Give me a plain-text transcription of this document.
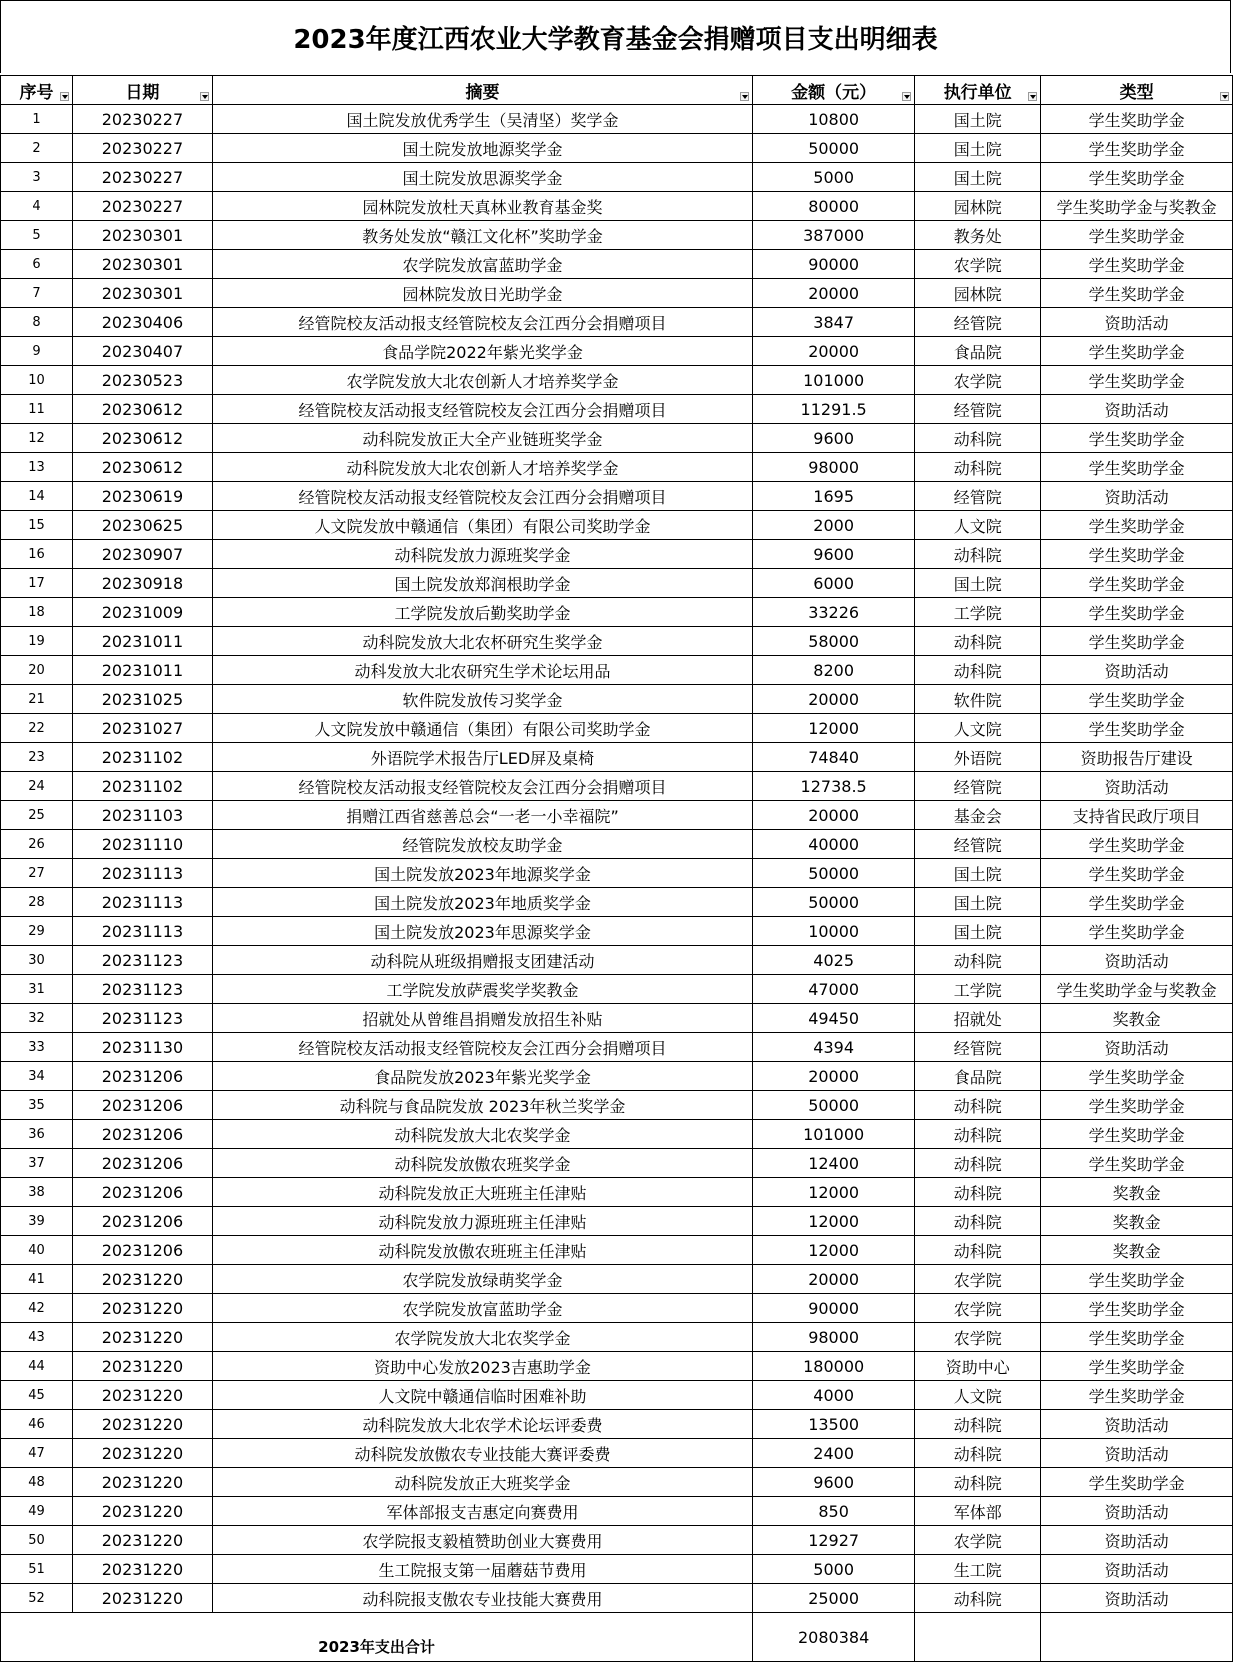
2023年度江西农业大学教育基金会捐赠项目支出明细表
序号	日期	摘要	金额（元）	执行单位	类型

1	20230227	国土院发放优秀学生（吴清坚）奖学金	10800	国土院	学生奖助学金
2	20230227	国土院发放地源奖学金	50000	国土院	学生奖助学金
3	20230227	国土院发放思源奖学金	5000	国土院	学生奖助学金
4	20230227	园林院发放杜天真林业教育基金奖	80000	园林院	学生奖助学金与奖教金
5	20230301	教务处发放“赣江文化杯”奖助学金	387000	教务处	学生奖助学金
6	20230301	农学院发放富蓝助学金	90000	农学院	学生奖助学金
7	20230301	园林院发放日光助学金	20000	园林院	学生奖助学金
8	20230406	经管院校友活动报支经管院校友会江西分会捐赠项目	3847	经管院	资助活动
9	20230407	食品学院2022年紫光奖学金	20000	食品院	学生奖助学金
10	20230523	农学院发放大北农创新人才培养奖学金	101000	农学院	学生奖助学金
11	20230612	经管院校友活动报支经管院校友会江西分会捐赠项目	11291.5	经管院	资助活动
12	20230612	动科院发放正大全产业链班奖学金	9600	动科院	学生奖助学金
13	20230612	动科院发放大北农创新人才培养奖学金	98000	动科院	学生奖助学金
14	20230619	经管院校友活动报支经管院校友会江西分会捐赠项目	1695	经管院	资助活动
15	20230625	人文院发放中赣通信（集团）有限公司奖助学金	2000	人文院	学生奖助学金
16	20230907	动科院发放力源班奖学金	9600	动科院	学生奖助学金
17	20230918	国土院发放郑润根助学金	6000	国土院	学生奖助学金
18	20231009	工学院发放后勤奖助学金	33226	工学院	学生奖助学金
19	20231011	动科院发放大北农杯研究生奖学金	58000	动科院	学生奖助学金
20	20231011	动科发放大北农研究生学术论坛用品	8200	动科院	资助活动
21	20231025	软件院发放传习奖学金	20000	软件院	学生奖助学金
22	20231027	人文院发放中赣通信（集团）有限公司奖助学金	12000	人文院	学生奖助学金
23	20231102	外语院学术报告厅LED屏及桌椅	74840	外语院	资助报告厅建设
24	20231102	经管院校友活动报支经管院校友会江西分会捐赠项目	12738.5	经管院	资助活动
25	20231103	捐赠江西省慈善总会“一老一小幸福院”	20000	基金会	支持省民政厅项目
26	20231110	经管院发放校友助学金	40000	经管院	学生奖助学金
27	20231113	国土院发放2023年地源奖学金	50000	国土院	学生奖助学金
28	20231113	国土院发放2023年地质奖学金	50000	国土院	学生奖助学金
29	20231113	国土院发放2023年思源奖学金	10000	国土院	学生奖助学金
30	20231123	动科院从班级捐赠报支团建活动	4025	动科院	资助活动
31	20231123	工学院发放萨震奖学奖教金	47000	工学院	学生奖助学金与奖教金
32	20231123	招就处从曾维昌捐赠发放招生补贴	49450	招就处	奖教金
33	20231130	经管院校友活动报支经管院校友会江西分会捐赠项目	4394	经管院	资助活动
34	20231206	食品院发放2023年紫光奖学金	20000	食品院	学生奖助学金
35	20231206	动科院与食品院发放 2023年秋兰奖学金	50000	动科院	学生奖助学金
36	20231206	动科院发放大北农奖学金	101000	动科院	学生奖助学金
37	20231206	动科院发放傲农班奖学金	12400	动科院	学生奖助学金
38	20231206	动科院发放正大班班主任津贴	12000	动科院	奖教金
39	20231206	动科院发放力源班班主任津贴	12000	动科院	奖教金
40	20231206	动科院发放傲农班班主任津贴	12000	动科院	奖教金
41	20231220	农学院发放绿萌奖学金	20000	农学院	学生奖助学金
42	20231220	农学院发放富蓝助学金	90000	农学院	学生奖助学金
43	20231220	农学院发放大北农奖学金	98000	农学院	学生奖助学金
44	20231220	资助中心发放2023吉惠助学金	180000	资助中心	学生奖助学金
45	20231220	人文院中赣通信临时困难补助	4000	人文院	学生奖助学金
46	20231220	动科院发放大北农学术论坛评委费	13500	动科院	资助活动
47	20231220	动科院发放傲农专业技能大赛评委费	2400	动科院	资助活动
48	20231220	动科院发放正大班奖学金	9600	动科院	学生奖助学金
49	20231220	军体部报支吉惠定向赛费用	850	军体部	资助活动
50	20231220	农学院报支毅植赞助创业大赛费用	12927	农学院	资助活动
51	20231220	生工院报支第一届蘑菇节费用	5000	生工院	资助活动
52	20231220	动科院报支傲农专业技能大赛费用	25000	动科院	资助活动
2023年支出合计			2080384		
